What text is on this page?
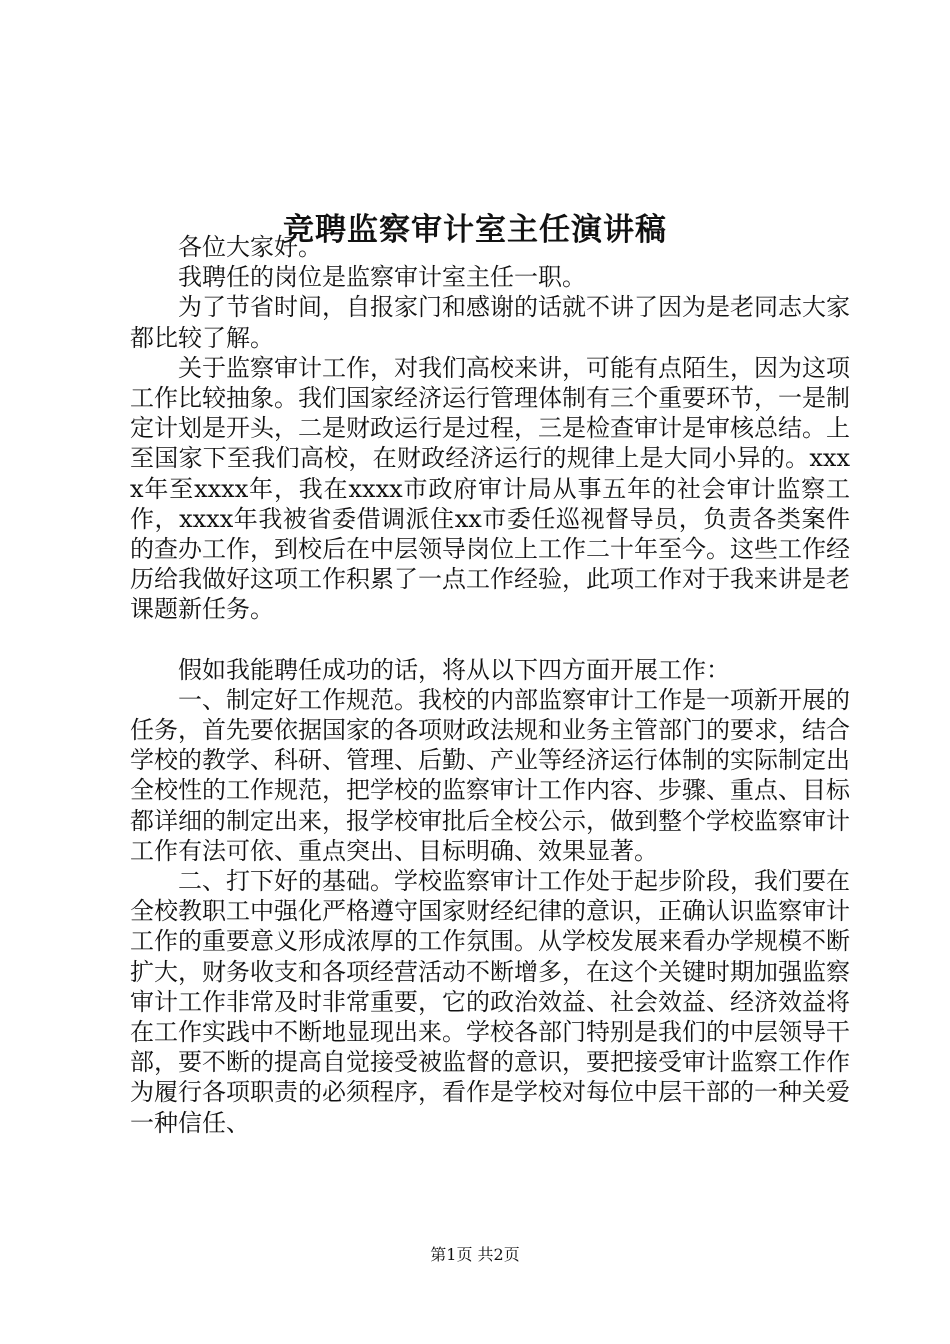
竞聘监察审计室主任演讲稿

各位大家好。

我聘任的岗位是监察审计室主任一职。

为了节省时间，自报家门和感谢的话就不讲了因为是老同志大家都比较了解。

关于监察审计工作，对我们高校来讲，可能有点陌生，因为这项工作比较抽象。我们国家经济运行管理体制有三个重要环节，一是制定计划是开头，二是财政运行是过程，三是检查审计是审核总结。上至国家下至我们高校，在财政经济运行的规律上是大同小异的。xxxx年至xxxx年，我在xxxx市政府审计局从事五年的社会审计监察工作，xxxx年我被省委借调派住xx市委任巡视督导员，负责各类案件的查办工作，到校后在中层领导岗位上工作二十年至今。这些工作经历给我做好这项工作积累了一点工作经验，此项工作对于我来讲是老课题新任务。

假如我能聘任成功的话，将从以下四方面开展工作：

一、制定好工作规范。我校的内部监察审计工作是一项新开展的任务，首先要依据国家的各项财政法规和业务主管部门的要求，结合学校的教学、科研、管理、后勤、产业等经济运行体制的实际制定出全校性的工作规范，把学校的监察审计工作内容、步骤、重点、目标都详细的制定出来，报学校审批后全校公示，做到整个学校监察审计工作有法可依、重点突出、目标明确、效果显著。

二、打下好的基础。学校监察审计工作处于起步阶段，我们要在全校教职工中强化严格遵守国家财经纪律的意识，正确认识监察审计工作的重要意义形成浓厚的工作氛围。从学校发展来看办学规模不断扩大，财务收支和各项经营活动不断增多，在这个关键时期加强监察审计工作非常及时非常重要，它的政治效益、社会效益、经济效益将在工作实践中不断地显现出来。学校各部门特别是我们的中层领导干部，要不断的提高自觉接受被监督的意识，要把接受审计监察工作作为履行各项职责的必须程序，看作是学校对每位中层干部的一种关爱一种信任、

第1页 共2页
